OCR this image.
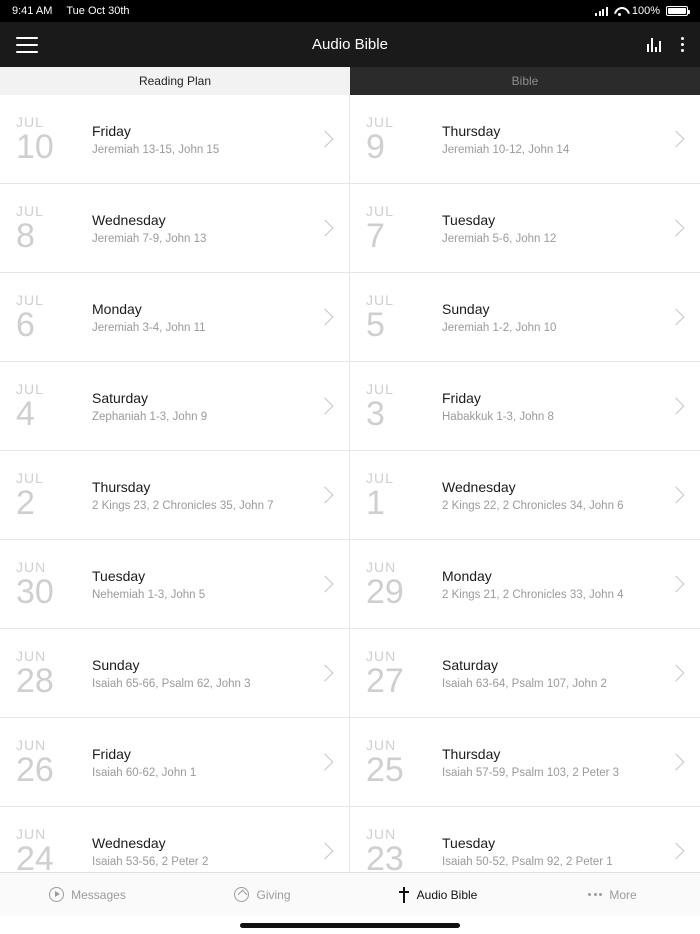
9:41 AM Tue Oct 30th	100%
Audio Bible
Reading Plan	Bible
JUL
10	Friday
Jeremiah 13-15, John 15
JUL
9	Thursday
Jeremiah 10-12, John 14
JUL
8	Wednesday
Jeremiah 7-9, John 13
JUL
7	Tuesday
Jeremiah 5-6, John 12
JUL
6	Monday
Jeremiah 3-4, John 11
JUL
5	Sunday
Jeremiah 1-2, John 10
JUL
4	Saturday
Zephaniah 1-3, John 9
JUL
3	Friday
Habakkuk 1-3, John 8
JUL
2	Thursday
2 Kings 23, 2 Chronicles 35, John 7
JUL
1	Wednesday
2 Kings 22, 2 Chronicles 34, John 6
JUN
30	Tuesday
Nehemiah 1-3, John 5
JUN
29	Monday
2 Kings 21, 2 Chronicles 33, John 4
JUN
28	Sunday
Isaiah 65-66, Psalm 62, John 3
JUN
27	Saturday
Isaiah 63-64, Psalm 107, John 2
JUN
26	Friday
Isaiah 60-62, John 1
JUN
25	Thursday
Isaiah 57-59, Psalm 103, 2 Peter 3
JUN
24	Wednesday
Isaiah 53-56, 2 Peter 2
JUN
23	Tuesday
Isaiah 50-52, Psalm 92, 2 Peter 1
Messages	Giving	Audio Bible	More
